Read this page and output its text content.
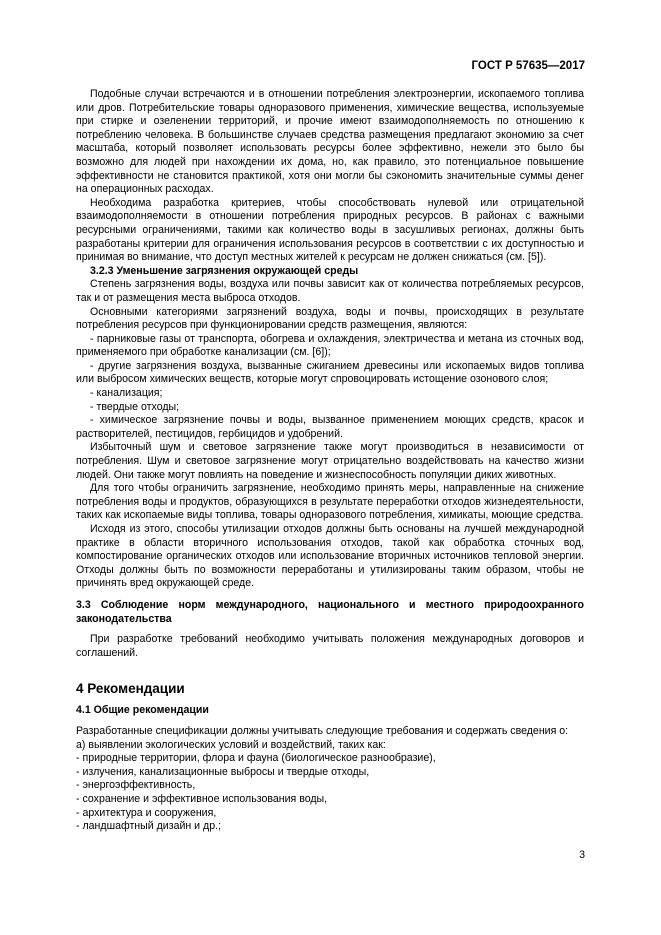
ГОСТ Р 57635—2017

Подобные случаи встречаются и в отношении потребления электроэнергии, ископаемого топлива или дров. Потребительские товары одноразового применения, химические вещества, используемые при стирке и озеленении территорий, и прочие имеют взаимодополняемость по отношению к потреблению человека. В большинстве случаев средства размещения предлагают экономию за счет масштаба, который позволяет использовать ресурсы более эффективно, нежели это было бы возможно для людей при нахождении их дома, но, как правило, это потенциальное повышение эффективности не становится практикой, хотя они могли бы сэкономить значительные суммы денег на операционных расходах.

Необходима разработка критериев, чтобы способствовать нулевой или отрицательной взаимодополняемости в отношении потребления природных ресурсов. В районах с важными ресурсными ограничениями, такими как количество воды в засушливых регионах, должны быть разработаны критерии для ограничения использования ресурсов в соответствии с их доступностью и принимая во внимание, что доступ местных жителей к ресурсам не должен снижаться (см. [5]).

3.2.3 Уменьшение загрязнения окружающей среды

Степень загрязнения воды, воздуха или почвы зависит как от количества потребляемых ресурсов, так и от размещения места выброса отходов.

Основными категориями загрязнений воздуха, воды и почвы, происходящих в результате потребления ресурсов при функционировании средств размещения, являются:

- парниковые газы от транспорта, обогрева и охлаждения, электричества и метана из сточных вод, применяемого при обработке канализации (см. [6]);

- другие загрязнения воздуха, вызванные сжиганием древесины или ископаемых видов топлива или выбросом химических веществ, которые могут спровоцировать истощение озонового слоя;

- канализация;

- твердые отходы;

- химическое загрязнение почвы и воды, вызванное применением моющих средств, красок и растворителей, пестицидов, гербицидов и удобрений.

Избыточный шум и световое загрязнение также могут производиться в независимости от потребления. Шум и световое загрязнение могут отрицательно воздействовать на качество жизни людей. Они также могут повлиять на поведение и жизнеспособность популяции диких животных.

Для того чтобы ограничить загрязнение, необходимо принять меры, направленные на снижение потребления воды и продуктов, образующихся в результате переработки отходов жизнедеятельности, таких как ископаемые виды топлива, товары одноразового потребления, химикаты, моющие средства.

Исходя из этого, способы утилизации отходов должны быть основаны на лучшей международной практике в области вторичного использования отходов, такой как обработка сточных вод, компостирование органических отходов или использование вторичных источников тепловой энергии. Отходы должны быть по возможности переработаны и утилизированы таким образом, чтобы не причинять вред окружающей среде.

3.3 Соблюдение норм международного, национального и местного природоохранного законодательства

При разработке требований необходимо учитывать положения международных договоров и соглашений.

4 Рекомендации

4.1 Общие рекомендации

Разработанные спецификации должны учитывать следующие требования и содержать сведения о:

а) выявлении экологических условий и воздействий, таких как:

- природные территории, флора и фауна (биологическое разнообразие),

- излучения, канализационные выбросы и твердые отходы,

- энергоэффективность,

- сохранение и эффективное использования воды,

- архитектура и сооружения,

- ландшафтный дизайн и др.;

3
